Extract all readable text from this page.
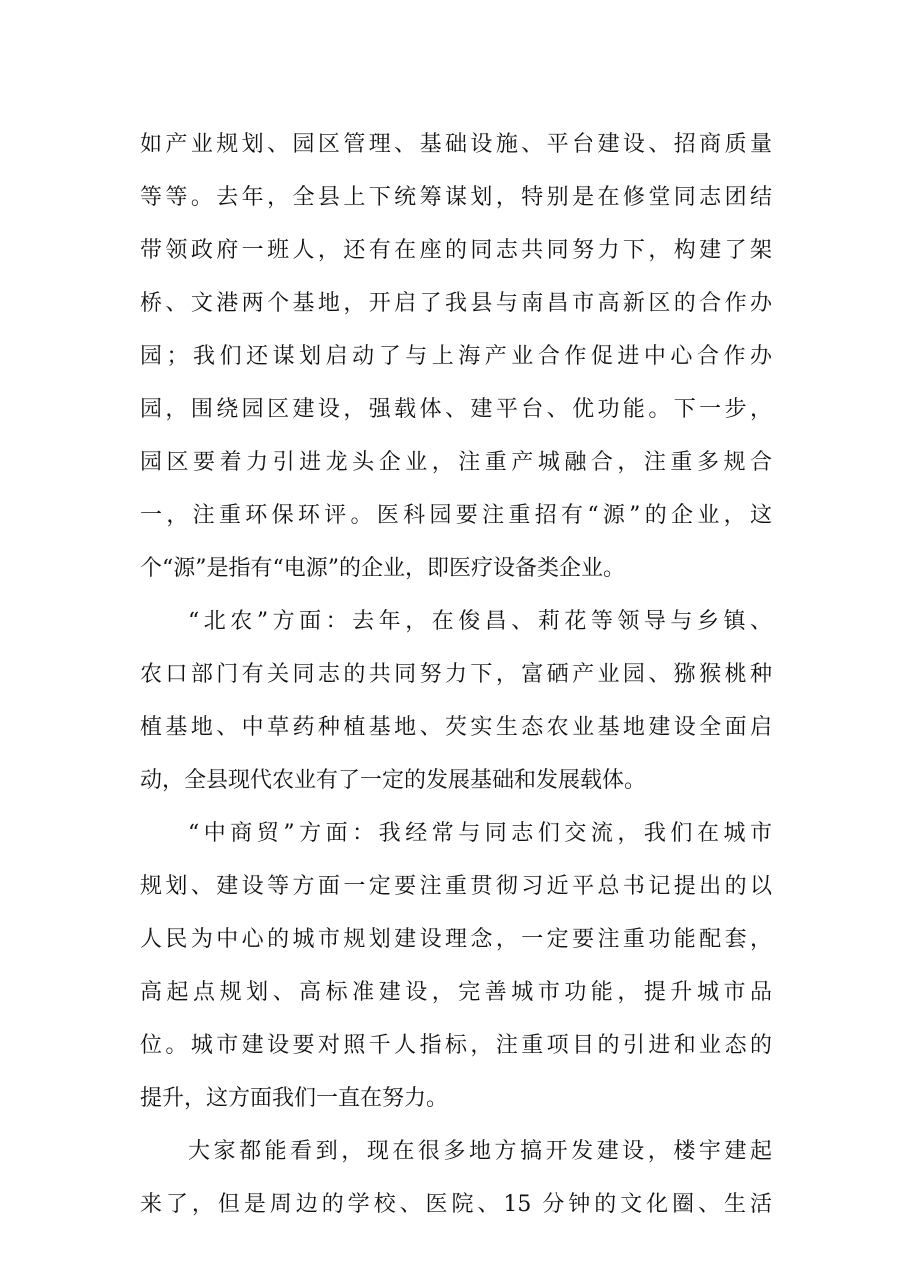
如产业规划、园区管理、基础设施、平台建设、招商质量
等等。去年，全县上下统筹谋划，特别是在修堂同志团结
带领政府一班人，还有在座的同志共同努力下，构建了架
桥、文港两个基地，开启了我县与南昌市高新区的合作办
园；我们还谋划启动了与上海产业合作促进中心合作办
园，围绕园区建设，强载体、建平台、优功能。下一步，
园区要着力引进龙头企业，注重产城融合，注重多规合
一，注重环保环评。医科园要注重招有“源”的企业，这
个“源”是指有“电源”的企业，即医疗设备类企业。
“北农”方面：去年，在俊昌、莉花等领导与乡镇、
农口部门有关同志的共同努力下，富硒产业园、猕猴桃种
植基地、中草药种植基地、芡实生态农业基地建设全面启
动，全县现代农业有了一定的发展基础和发展载体。
“中商贸”方面：我经常与同志们交流，我们在城市
规划、建设等方面一定要注重贯彻习近平总书记提出的以
人民为中心的城市规划建设理念，一定要注重功能配套，
高起点规划、高标准建设，完善城市功能，提升城市品
位。城市建设要对照千人指标，注重项目的引进和业态的
提升，这方面我们一直在努力。
大家都能看到，现在很多地方搞开发建设，楼宇建起
来了，但是周边的学校、医院、15 分钟的文化圈、生活
